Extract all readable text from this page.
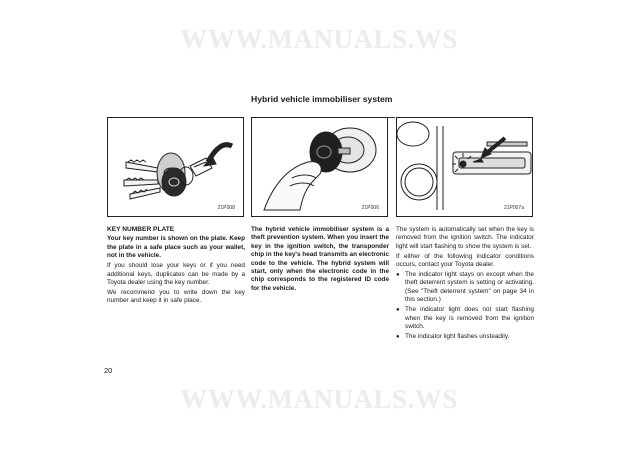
WWW.MANUALS.WS
WWW.MANUALS.WS
Hybrid vehicle immobiliser system
21P008	21P006	21P007a
KEY NUMBER PLATE

Your key number is shown on the plate. Keep the plate in a safe place such as your wallet, not in the vehicle.

If you should lose your keys or if you need additional keys, duplicates can be made by a Toyota dealer using the key number.

We recommend you to write down the key number and keep it in safe place.

The hybrid vehicle immobiliser system is a theft prevention system. When you insert the key in the ignition switch, the transponder chip in the key's head transmits an electronic code to the vehicle. The hybrid system will start, only when the electronic code in the chip corresponds to the registered ID code for the vehicle.

The system is automatically set when the key is removed from the ignition switch. The indicator light will start flashing to show the system is set.

If either of the following indicator conditions occurs, contact your Toyota dealer.

● The indicator light stays on except when the theft deterrent system is setting or activating. (See "Theft deterrent system" on page 34 in this section.)
● The indicator light does not start flashing when the key is removed from the ignition switch.
● The indicator light flashes unsteadily.
20
